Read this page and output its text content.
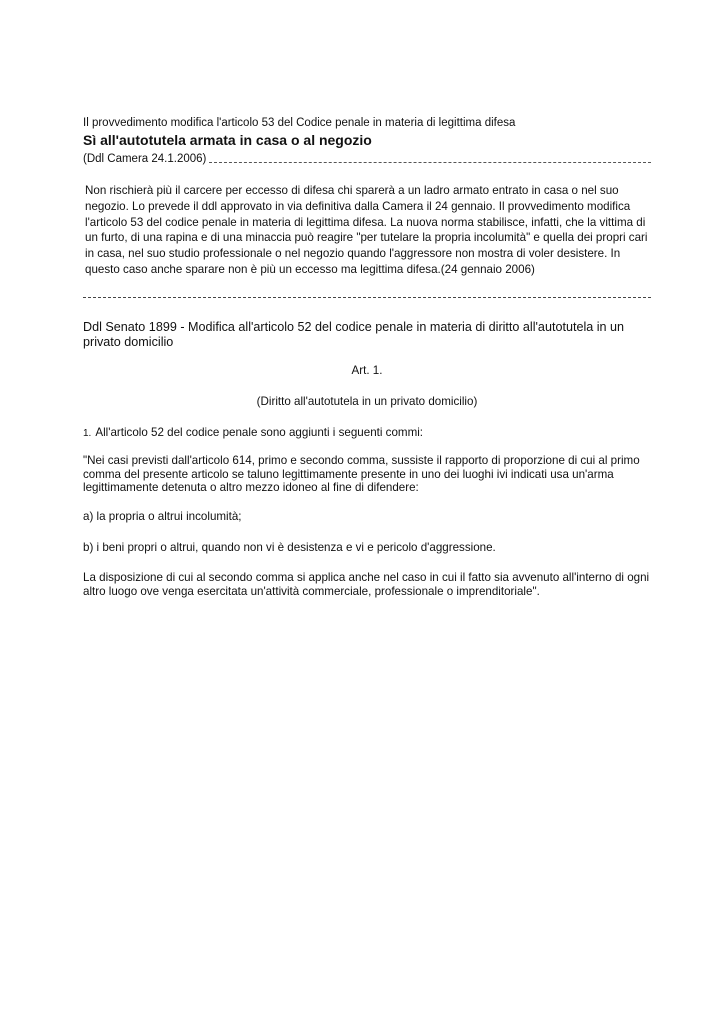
Il provvedimento modifica l'articolo 53 del Codice penale in materia di legittima difesa
Sì all'autotutela armata in casa o al negozio
(Ddl Camera 24.1.2006)
Non rischierà più il carcere per eccesso di difesa chi sparerà a un ladro armato entrato in casa o nel suo negozio. Lo prevede il ddl approvato in via definitiva dalla Camera il 24 gennaio. Il provvedimento modifica l'articolo 53 del codice penale in materia di legittima difesa. La nuova norma stabilisce, infatti, che la vittima di un furto, di una rapina e di una minaccia può reagire "per tutelare la propria incolumità" e quella dei propri cari in casa, nel suo studio professionale o nel negozio quando l'aggressore non mostra di voler desistere. In questo caso anche sparare non è più un eccesso ma legittima difesa.(24 gennaio 2006)
Ddl Senato 1899 - Modifica all'articolo 52 del codice penale in materia di diritto all'autotutela in un privato domicilio
Art. 1.
(Diritto all'autotutela in un privato domicilio)
1. All'articolo 52 del codice penale sono aggiunti i seguenti commi:
"Nei casi previsti dall'articolo 614, primo e secondo comma, sussiste il rapporto di proporzione di cui al primo comma del presente articolo se taluno legittimamente presente in uno dei luoghi ivi indicati usa un'arma legittimamente detenuta o altro mezzo idoneo al fine di difendere:
a) la propria o altrui incolumità;
b) i beni propri o altrui, quando non vi è desistenza e vi e pericolo d'aggressione.
La disposizione di cui al secondo comma si applica anche nel caso in cui il fatto sia avvenuto all'interno di ogni altro luogo ove venga esercitata un'attività commerciale, professionale o imprenditoriale".
